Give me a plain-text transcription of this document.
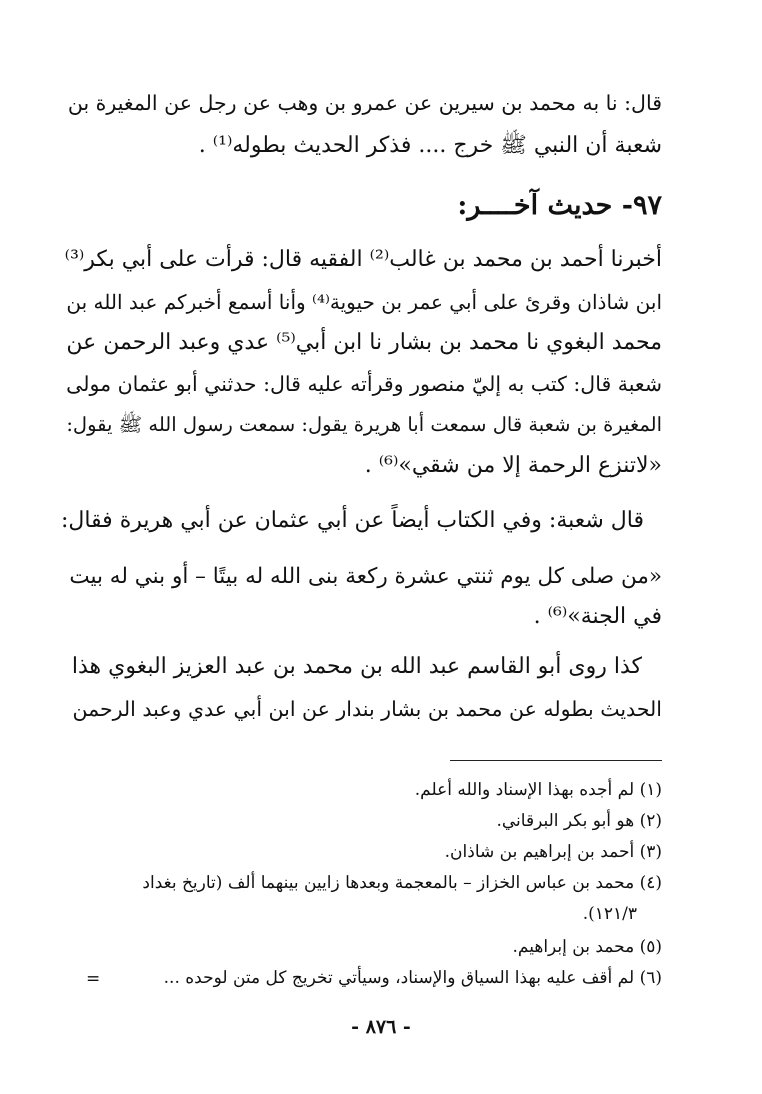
قال: نا به محمد بن سيرين عن عمرو بن وهب عن رجل عن المغيرة بن
شعبة أن النبي ﷺ خرج .... فذكر الحديث بطوله⁽¹⁾ .
٩٧- حديث آخــــر:
أخبرنا أحمد بن محمد بن غالب⁽²⁾ الفقيه قال: قرأت على أبي بكر⁽³⁾
ابن شاذان وقرئ على أبي عمر بن حيوية⁽⁴⁾ وأنا أسمع أخبركم عبد الله بن
محمد البغوي نا محمد بن بشار نا ابن أبي⁽⁵⁾ عدي وعبد الرحمن عن
شعبة قال: كتب به إليّ منصور وقرأته عليه قال: حدثني أبو عثمان مولى
المغيرة بن شعبة قال سمعت أبا هريرة يقول: سمعت رسول الله ﷺ يقول:
«لاتنزع الرحمة إلا من شقي»⁽⁶⁾ .
قال شعبة: وفي الكتاب أيضاً عن أبي عثمان عن أبي هريرة فقال:
«من صلى كل يوم ثنتي عشرة ركعة بنى الله له بيتًا – أو بني له بيت
في الجنة»⁽⁶⁾ .
كذا روى أبو القاسم عبد الله بن محمد بن عبد العزيز البغوي هذا
الحديث بطوله عن محمد بن بشار بندار عن ابن أبي عدي وعبد الرحمن
(١) لم أجده بهذا الإسناد والله أعلم.
(٢) هو أبو بكر البرقاني.
(٣) أحمد بن إبراهيم بن شاذان.
(٤) محمد بن عباس الخزاز – بالمعجمة وبعدها زايين بينهما ألف (تاريخ بغداد
١٢١/٣).
(٥) محمد بن إبراهيم.
(٦) لم أقف عليه بهذا السياق والإسناد، وسيأتي تخريج كل متن لوحده ...
=
- ٨٧٦ -
